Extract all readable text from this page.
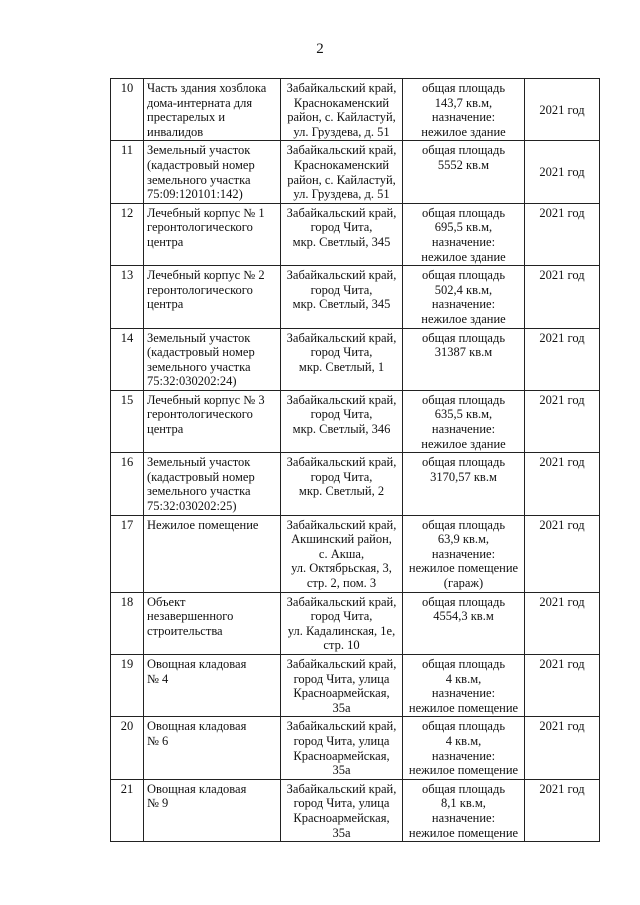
2
10	Часть здания хозблока
дома-интерната для
престарелых и
инвалидов	Забайкальский край,
Краснокаменский
район, с. Кайластуй,
ул. Груздева, д. 51	общая площадь
143,7 кв.м,
назначение:
нежилое здание	2021 год
11	Земельный участок
(кадастровый номер
земельного участка
75:09:120101:142)	Забайкальский край,
Краснокаменский
район, с. Кайластуй,
ул. Груздева, д. 51	общая площадь
5552 кв.м	2021 год
12	Лечебный корпус № 1
геронтологического
центра	Забайкальский край,
город Чита,
мкр. Светлый, 345	общая площадь
695,5 кв.м,
назначение:
нежилое здание	2021 год
13	Лечебный корпус № 2
геронтологического
центра	Забайкальский край,
город Чита,
мкр. Светлый, 345	общая площадь
502,4 кв.м,
назначение:
нежилое здание	2021 год
14	Земельный участок
(кадастровый номер
земельного участка
75:32:030202:24)	Забайкальский край,
город Чита,
мкр. Светлый, 1	общая площадь
31387 кв.м	2021 год
15	Лечебный корпус № 3
геронтологического
центра	Забайкальский край,
город Чита,
мкр. Светлый, 346	общая площадь
635,5 кв.м,
назначение:
нежилое здание	2021 год
16	Земельный участок
(кадастровый номер
земельного участка
75:32:030202:25)	Забайкальский край,
город Чита,
мкр. Светлый, 2	общая площадь
3170,57 кв.м	2021 год
17	Нежилое помещение	Забайкальский край,
Акшинский район,
с. Акша,
ул. Октябрьская, 3,
стр. 2, пом. 3	общая площадь
63,9 кв.м,
назначение:
нежилое помещение
(гараж)	2021 год
18	Объект
незавершенного
строительства	Забайкальский край,
город Чита,
ул. Кадалинская, 1е,
стр. 10	общая площадь
4554,3 кв.м	2021 год
19	Овощная кладовая
№ 4	Забайкальский край,
город Чита, улица
Красноармейская,
35а	общая площадь
4 кв.м,
назначение:
нежилое помещение	2021 год
20	Овощная кладовая
№ 6	Забайкальский край,
город Чита, улица
Красноармейская,
35а	общая площадь
4 кв.м,
назначение:
нежилое помещение	2021 год
21	Овощная кладовая
№ 9	Забайкальский край,
город Чита, улица
Красноармейская,
35а	общая площадь
8,1 кв.м,
назначение:
нежилое помещение	2021 год
